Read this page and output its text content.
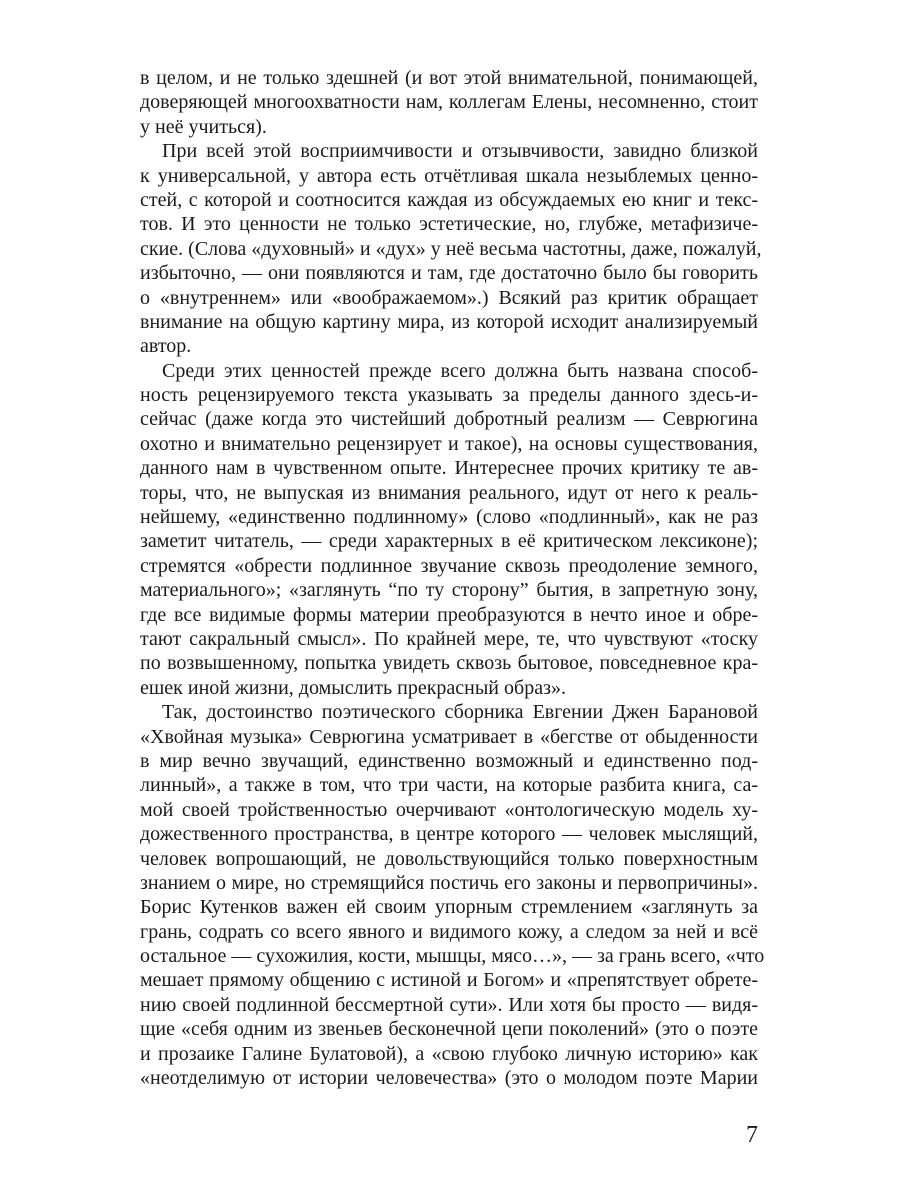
в целом, и не только здешней (и вот этой внимательной, понимающей,
доверяющей многоохватности нам, коллегам Елены, несомненно, стоит
у неё учиться).
При всей этой восприимчивости и отзывчивости, завидно близкой
к универсальной, у автора есть отчётливая шкала незыблемых ценно-
стей, с которой и соотносится каждая из обсуждаемых ею книг и текс-
тов. И это ценности не только эстетические, но, глубже, метафизиче-
ские. (Слова «духовный» и «дух» у неё весьма частотны, даже, пожалуй,
избыточно, — они появляются и там, где достаточно было бы говорить
о «внутреннем» или «воображаемом».) Всякий раз критик обращает
внимание на общую картину мира, из которой исходит анализируемый
автор.
Среди этих ценностей прежде всего должна быть названа способ-
ность рецензируемого текста указывать за пределы данного здесь-и-
сейчас (даже когда это чистейший добротный реализм — Севрюгина
охотно и внимательно рецензирует и такое), на основы существования,
данного нам в чувственном опыте. Интереснее прочих критику те ав-
торы, что, не выпуская из внимания реального, идут от него к реаль-
нейшему, «единственно подлинному» (слово «подлинный», как не раз
заметит читатель, — среди характерных в её критическом лексиконе);
стремятся «обрести подлинное звучание сквозь преодоление земного,
материального»; «заглянуть “по ту сторону” бытия, в запретную зону,
где все видимые формы материи преобразуются в нечто иное и обре-
тают сакральный смысл». По крайней мере, те, что чувствуют «тоску
по возвышенному, попытка увидеть сквозь бытовое, повседневное кра-
ешек иной жизни, домыслить прекрасный образ».
Так, достоинство поэтического сборника Евгении Джен Барановой
«Хвойная музыка» Севрюгина усматривает в «бегстве от обыденности
в мир вечно звучащий, единственно возможный и единственно под-
линный», а также в том, что три части, на которые разбита книга, са-
мой своей тройственностью очерчивают «онтологическую модель ху-
дожественного пространства, в центре которого — человек мыслящий,
человек вопрошающий, не довольствующийся только поверхностным
знанием о мире, но стремящийся постичь его законы и первопричины».
Борис Кутенков важен ей своим упорным стремлением «заглянуть за
грань, содрать со всего явного и видимого кожу, а следом за ней и всё
остальное — сухожилия, кости, мышцы, мясо…», — за грань всего, «что
мешает прямому общению с истиной и Богом» и «препятствует обрете-
нию своей подлинной бессмертной сути». Или хотя бы просто — видя-
щие «себя одним из звеньев бесконечной цепи поколений» (это о поэте
и прозаике Галине Булатовой), а «свою глубоко личную историю» как
«неотделимую от истории человечества» (это о молодом поэте Марии
7
